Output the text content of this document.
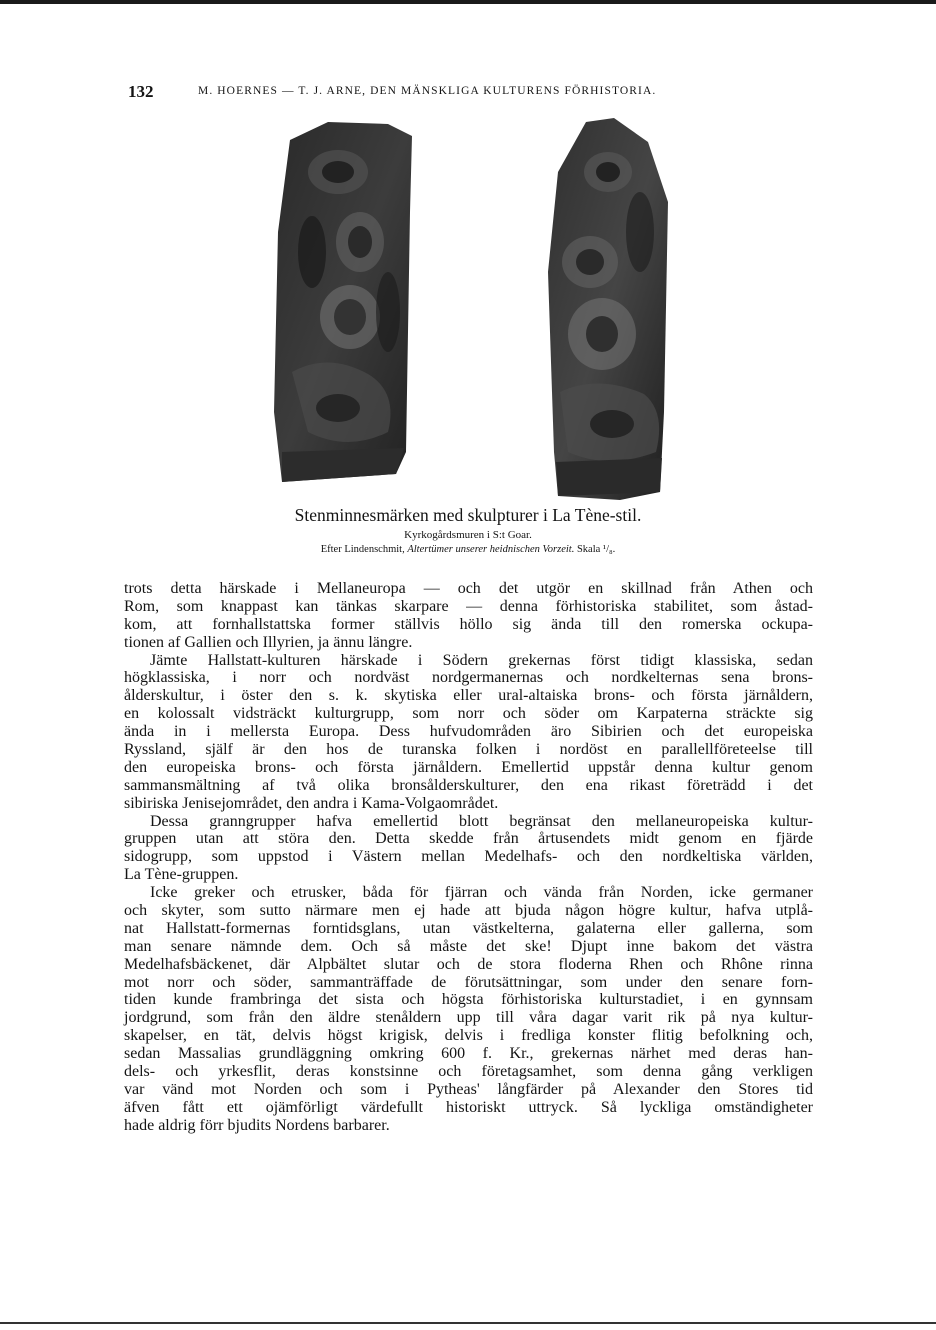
132	M. HOERNES — T. J. ARNE, DEN MÄNSKLIGA KULTURENS FÖRHISTORIA.
Stenminnesmärken med skulpturer i La Tène-stil.
Kyrkogårdsmuren i S:t Goar.
Efter Lindenschmit, Altertümer unserer heidnischen Vorzeit. Skala ¹/₈.
trots detta härskade i Mellaneuropa — och det utgör en skillnad från Athen och
Rom, som knappast kan tänkas skarpare — denna förhistoriska stabilitet, som åstad-
kom, att fornhallstattska former ställvis höllo sig ända till den romerska ockupa-
tionen af Gallien och Illyrien, ja ännu längre.
Jämte Hallstatt-kulturen härskade i Södern grekernas först tidigt klassiska, sedan
högklassiska, i norr och nordväst nordgermanernas och nordkelternas sena brons-
ålderskultur, i öster den s. k. skytiska eller ural-altaiska brons- och första järnåldern,
en kolossalt vidsträckt kulturgrupp, som norr och söder om Karpaterna sträckte sig
ända in i mellersta Europa. Dess hufvudområden äro Sibirien och det europeiska
Ryssland, själf är den hos de turanska folken i nordöst en parallellföreteelse till
den europeiska brons- och första järnåldern. Emellertid uppstår denna kultur genom
sammansmältning af två olika bronsålderskulturer, den ena rikast företrädd i det
sibiriska Jenisejområdet, den andra i Kama-Volgaområdet.
Dessa granngrupper hafva emellertid blott begränsat den mellaneuropeiska kultur-
gruppen utan att störa den. Detta skedde från årtusendets midt genom en fjärde
sidogrupp, som uppstod i Västern mellan Medelhafs- och den nordkeltiska världen,
La Tène-gruppen.
Icke greker och etrusker, båda för fjärran och vända från Norden, icke germaner
och skyter, som sutto närmare men ej hade att bjuda någon högre kultur, hafva utplå-
nat Hallstatt-formernas forntidsglans, utan västkelterna, galaterna eller gallerna, som
man senare nämnde dem. Och så måste det ske! Djupt inne bakom det västra
Medelhafsbäckenet, där Alpbältet slutar och de stora floderna Rhen och Rhône rinna
mot norr och söder, sammanträffade de förutsättningar, som under den senare forn-
tiden kunde frambringa det sista och högsta förhistoriska kulturstadiet, i en gynnsam
jordgrund, som från den äldre stenåldern upp till våra dagar varit rik på nya kultur-
skapelser, en tät, delvis högst krigisk, delvis i fredliga konster flitig befolkning och,
sedan Massalias grundläggning omkring 600 f. Kr., grekernas närhet med deras han-
dels- och yrkesflit, deras konstsinne och företagsamhet, som denna gång verkligen
var vänd mot Norden och som i Pytheas' långfärder på Alexander den Stores tid
äfven fått ett ojämförligt värdefullt historiskt uttryck. Så lyckliga omständigheter
hade aldrig förr bjudits Nordens barbarer.
